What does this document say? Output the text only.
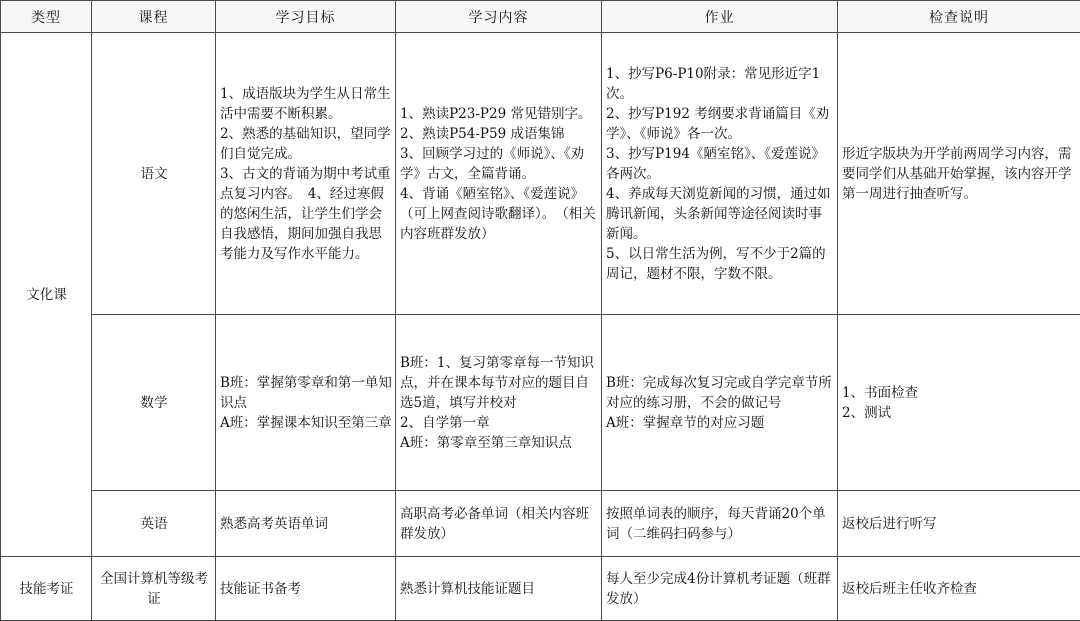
类型	课程	学习目标	学习内容	作业	检查说明
文化课	语文	1、成语版块为学生从日常生活中需要不断积累。
2、熟悉的基础知识，望同学们自觉完成。
3、古文的背诵为期中考试重点复习内容。　4、经过寒假的悠闲生活，让学生们学会自我感悟，期间加强自我思考能力及写作水平能力。	1、熟读P23-P29 常见错别字。
2、熟读P54-P59 成语集锦
3、回顾学习过的《师说》、《劝学》古文，全篇背诵。
4、背诵《陋室铭》、《爱莲说》（可上网查阅诗歌翻译）。　（相关内容班群发放）	1、抄写P6-P10附录：常见形近字1次。
2、抄写P192 考纲要求背诵篇目《劝学》、《师说》各一次。
3、抄写P194《陋室铭》、《爱莲说》各两次。
4、养成每天浏览新闻的习惯，通过如腾讯新闻，头条新闻等途径阅读时事新闻。
5、以日常生活为例，写不少于2篇的周记，题材不限，字数不限。	形近字版块为开学前两周学习内容，需要同学们从基础开始掌握，该内容开学第一周进行抽查听写。
	数学	B班：掌握第零章和第一单知识点
A班：掌握课本知识至第三章	B班：1、复习第零章每一节知识点，并在课本每节对应的题目自选5道，填写并校对
2、自学第一章
A班：第零章至第三章知识点	B班：完成每次复习完或自学完章节所对应的练习册，不会的做记号
A班：掌握章节的对应习题	1、书面检查
2、测试

	英语	熟悉高考英语单词	高职高考必备单词（相关内容班群发放）	按照单词表的顺序，每天背诵20个单词（二维码扫码参与）	返校后进行听写
技能考证	全国计算机等级考证	技能证书备考	熟悉计算机技能证题目	每人至少完成4份计算机考证题（班群发放）	返校后班主任收齐检查
